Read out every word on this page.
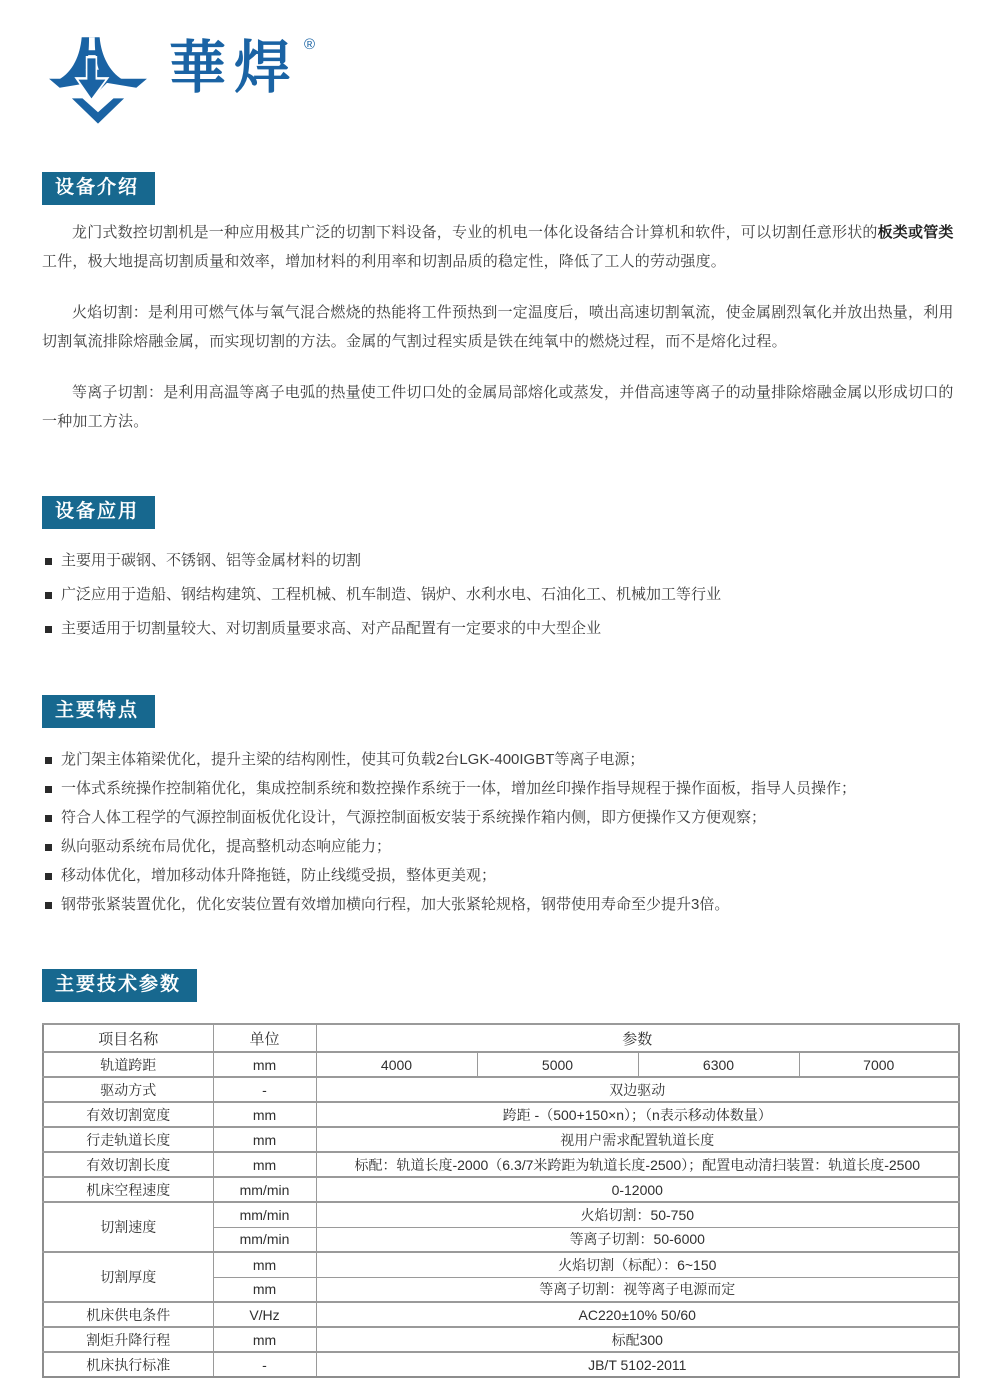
華焊 ®
设备介绍

龙门式数控切割机是一种应用极其广泛的切割下料设备，专业的机电一体化设备结合计算机和软件，可以切割任意形状的板类或管类工件，极大地提高切割质量和效率，增加材料的利用率和切割品质的稳定性，降低了工人的劳动强度。

火焰切割：是利用可燃气体与氧气混合燃烧的热能将工件预热到一定温度后，喷出高速切割氧流，使金属剧烈氧化并放出热量，利用切割氧流排除熔融金属，而实现切割的方法。金属的气割过程实质是铁在纯氧中的燃烧过程，而不是熔化过程。

等离子切割：是利用高温等离子电弧的热量使工件切口处的金属局部熔化或蒸发，并借高速等离子的动量排除熔融金属以形成切口的一种加工方法。

设备应用
主要用于碳钢、不锈钢、铝等金属材料的切割
广泛应用于造船、钢结构建筑、工程机械、机车制造、锅炉、水利水电、石油化工、机械加工等行业
主要适用于切割量较大、对切割质量要求高、对产品配置有一定要求的中大型企业
主要特点
龙门架主体箱梁优化，提升主梁的结构刚性，使其可负载2台LGK-400IGBT等离子电源；
一体式系统操作控制箱优化，集成控制系统和数控操作系统于一体，增加丝印操作指导规程于操作面板，指导人员操作；
符合人体工程学的气源控制面板优化设计，气源控制面板安装于系统操作箱内侧，即方便操作又方便观察；
纵向驱动系统布局优化，提高整机动态响应能力；
移动体优化，增加移动体升降拖链，防止线缆受损，整体更美观；
钢带张紧装置优化，优化安装位置有效增加横向行程，加大张紧轮规格，钢带使用寿命至少提升3倍。
主要技术参数
项目名称	单位	参数			
轨道跨距	mm	4000	5000	6300	7000
驱动方式	-	双边驱动			
有效切割宽度	mm	跨距 -（500+150×n）；（n表示移动体数量）			
行走轨道长度	mm	视用户需求配置轨道长度			
有效切割长度	mm	标配：轨道长度-2000（6.3/7米跨距为轨道长度-2500）；配置电动清扫装置：轨道长度-2500			
机床空程速度	mm/min	0-12000			
切割速度	mm/min	火焰切割：50-750			
	mm/min	等离子切割：50-6000			
切割厚度	mm	火焰切割（标配）：6~150			
	mm	等离子切割：视等离子电源而定			
机床供电条件	V/Hz	AC220±10% 50/60			
割炬升降行程	mm	标配300			
机床执行标准	-	JB/T 5102-2011			
